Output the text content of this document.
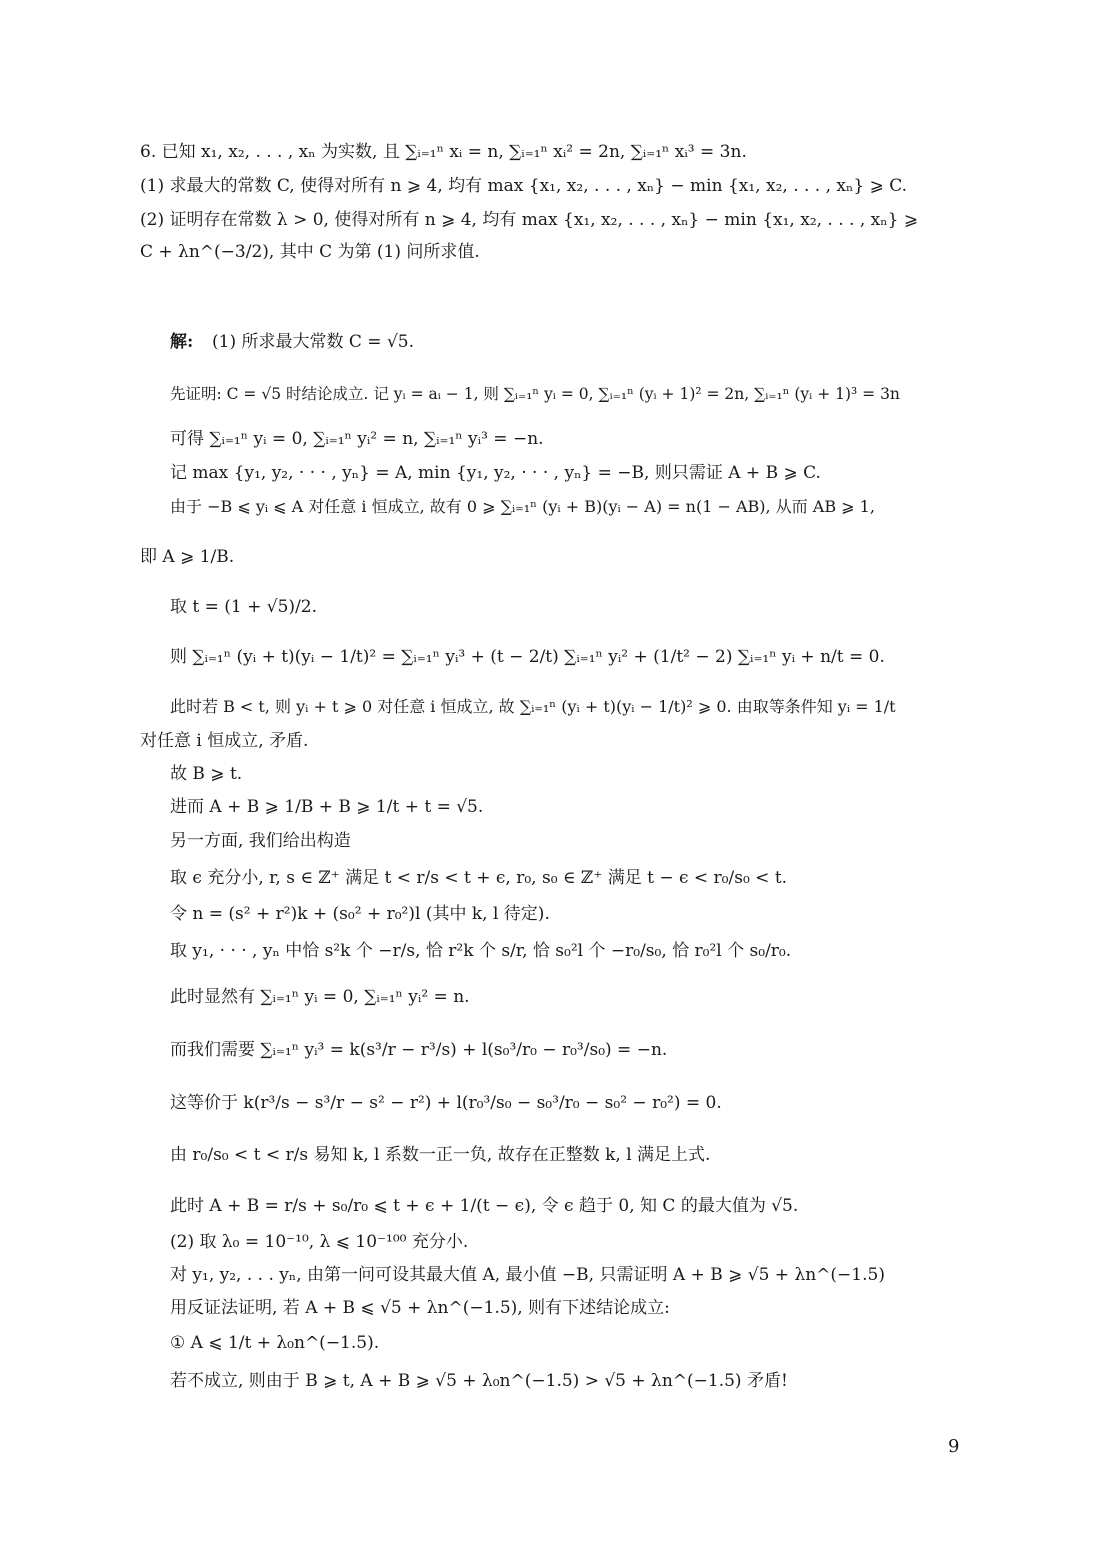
6. 已知 x₁, x₂, . . . , xₙ 为实数, 且 ∑ᵢ₌₁ⁿ xᵢ = n, ∑ᵢ₌₁ⁿ xᵢ² = 2n, ∑ᵢ₌₁ⁿ xᵢ³ = 3n.
(1) 求最大的常数 C, 使得对所有 n ⩾ 4, 均有 max {x₁, x₂, . . . , xₙ} − min {x₁, x₂, . . . , xₙ} ⩾ C.
(2) 证明存在常数 λ > 0, 使得对所有 n ⩾ 4, 均有 max {x₁, x₂, . . . , xₙ} − min {x₁, x₂, . . . , xₙ} ⩾
C + λn^(−3/2), 其中 C 为第 (1) 问所求值.
解: (1) 所求最大常数 C = √5.
先证明: C = √5 时结论成立. 记 yᵢ = aᵢ − 1, 则 ∑ᵢ₌₁ⁿ yᵢ = 0, ∑ᵢ₌₁ⁿ (yᵢ + 1)² = 2n, ∑ᵢ₌₁ⁿ (yᵢ + 1)³ = 3n
可得 ∑ᵢ₌₁ⁿ yᵢ = 0, ∑ᵢ₌₁ⁿ yᵢ² = n, ∑ᵢ₌₁ⁿ yᵢ³ = −n.
记 max {y₁, y₂, · · · , yₙ} = A, min {y₁, y₂, · · · , yₙ} = −B, 则只需证 A + B ⩾ C.
由于 −B ⩽ yᵢ ⩽ A 对任意 i 恒成立, 故有 0 ⩾ ∑ᵢ₌₁ⁿ (yᵢ + B)(yᵢ − A) = n(1 − AB), 从而 AB ⩾ 1,
即 A ⩾ 1/B.
取 t = (1 + √5)/2.
则 ∑ᵢ₌₁ⁿ (yᵢ + t)(yᵢ − 1/t)² = ∑ᵢ₌₁ⁿ yᵢ³ + (t − 2/t) ∑ᵢ₌₁ⁿ yᵢ² + (1/t² − 2) ∑ᵢ₌₁ⁿ yᵢ + n/t = 0.
此时若 B < t, 则 yᵢ + t ⩾ 0 对任意 i 恒成立, 故 ∑ᵢ₌₁ⁿ (yᵢ + t)(yᵢ − 1/t)² ⩾ 0. 由取等条件知 yᵢ = 1/t
对任意 i 恒成立, 矛盾.
故 B ⩾ t.
进而 A + B ⩾ 1/B + B ⩾ 1/t + t = √5.
另一方面, 我们给出构造
取 ϵ 充分小, r, s ∈ ℤ⁺ 满足 t < r/s < t + ϵ, r₀, s₀ ∈ ℤ⁺ 满足 t − ϵ < r₀/s₀ < t.
令 n = (s² + r²)k + (s₀² + r₀²)l (其中 k, l 待定).
取 y₁, · · · , yₙ 中恰 s²k 个 −r/s, 恰 r²k 个 s/r, 恰 s₀²l 个 −r₀/s₀, 恰 r₀²l 个 s₀/r₀.
此时显然有 ∑ᵢ₌₁ⁿ yᵢ = 0, ∑ᵢ₌₁ⁿ yᵢ² = n.
而我们需要 ∑ᵢ₌₁ⁿ yᵢ³ = k(s³/r − r³/s) + l(s₀³/r₀ − r₀³/s₀) = −n.
这等价于 k(r³/s − s³/r − s² − r²) + l(r₀³/s₀ − s₀³/r₀ − s₀² − r₀²) = 0.
由 r₀/s₀ < t < r/s 易知 k, l 系数一正一负, 故存在正整数 k, l 满足上式.
此时 A + B = r/s + s₀/r₀ ⩽ t + ϵ + 1/(t − ϵ), 令 ϵ 趋于 0, 知 C 的最大值为 √5.
(2) 取 λ₀ = 10⁻¹⁰, λ ⩽ 10⁻¹⁰⁰ 充分小.
对 y₁, y₂, . . . yₙ, 由第一问可设其最大值 A, 最小值 −B, 只需证明 A + B ⩾ √5 + λn^(−1.5)
用反证法证明, 若 A + B ⩽ √5 + λn^(−1.5), 则有下述结论成立:
① A ⩽ 1/t + λ₀n^(−1.5).
若不成立, 则由于 B ⩾ t, A + B ⩾ √5 + λ₀n^(−1.5) > √5 + λn^(−1.5) 矛盾!
9
